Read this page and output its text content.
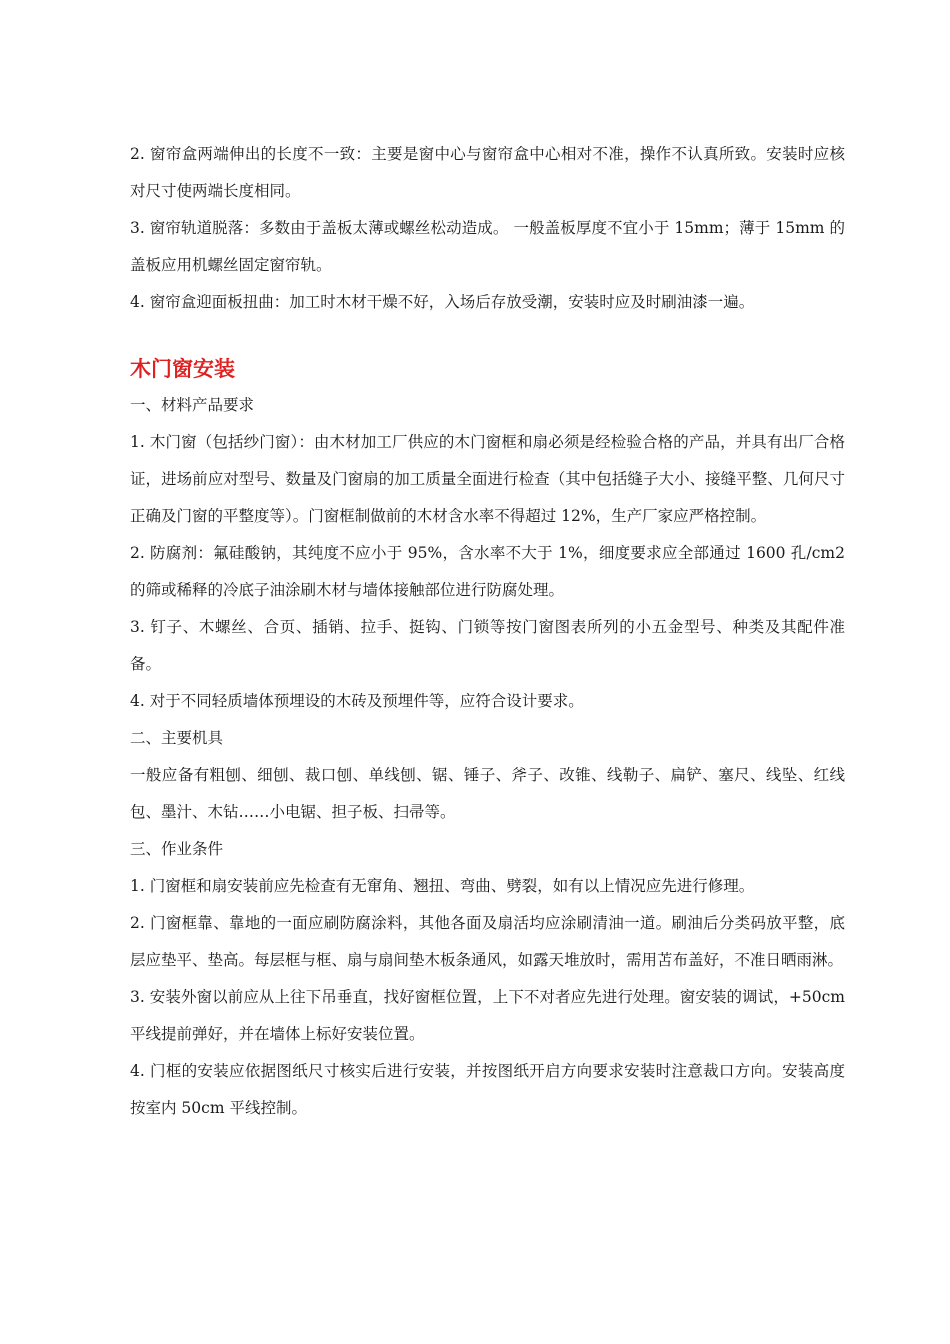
2. 窗帘盒两端伸出的长度不一致：主要是窗中心与窗帘盒中心相对不准，操作不认真所致。安装时应核对尺寸使两端长度相同。

3. 窗帘轨道脱落：多数由于盖板太薄或螺丝松动造成。 一般盖板厚度不宜小于 15mm；薄于 15mm 的盖板应用机螺丝固定窗帘轨。

4. 窗帘盒迎面板扭曲：加工时木材干燥不好，入场后存放受潮，安装时应及时刷油漆一遍。

木门窗安装

一、材料产品要求

1. 木门窗（包括纱门窗）：由木材加工厂供应的木门窗框和扇必须是经检验合格的产品，并具有出厂合格证，进场前应对型号、数量及门窗扇的加工质量全面进行检查（其中包括缝子大小、接缝平整、几何尺寸正确及门窗的平整度等）。门窗框制做前的木材含水率不得超过 12%，生产厂家应严格控制。

2. 防腐剂：氟硅酸钠，其纯度不应小于 95%，含水率不大于 1%，细度要求应全部通过 1600 孔/cm2 的筛或稀释的冷底子油涂刷木材与墙体接触部位进行防腐处理。

3. 钉子、木螺丝、合页、插销、拉手、挺钩、门锁等按门窗图表所列的小五金型号、种类及其配件准备。

4. 对于不同轻质墙体预埋设的木砖及预埋件等，应符合设计要求。

二、主要机具

一般应备有粗刨、细刨、裁口刨、单线刨、锯、锤子、斧子、改锥、线勒子、扁铲、塞尺、线坠、红线包、墨汁、木钻……小电锯、担子板、扫帚等。

三、作业条件

1. 门窗框和扇安装前应先检查有无窜角、翘扭、弯曲、劈裂，如有以上情况应先进行修理。

2. 门窗框靠、靠地的一面应刷防腐涂料，其他各面及扇活均应涂刷清油一道。刷油后分类码放平整，底层应垫平、垫高。每层框与框、扇与扇间垫木板条通风，如露天堆放时，需用苫布盖好，不准日晒雨淋。

3. 安装外窗以前应从上往下吊垂直，找好窗框位置，上下不对者应先进行处理。窗安装的调试，+50cm 平线提前弹好，并在墙体上标好安装位置。

4. 门框的安装应依据图纸尺寸核实后进行安装，并按图纸开启方向要求安装时注意裁口方向。安装高度按室内 50cm 平线控制。
